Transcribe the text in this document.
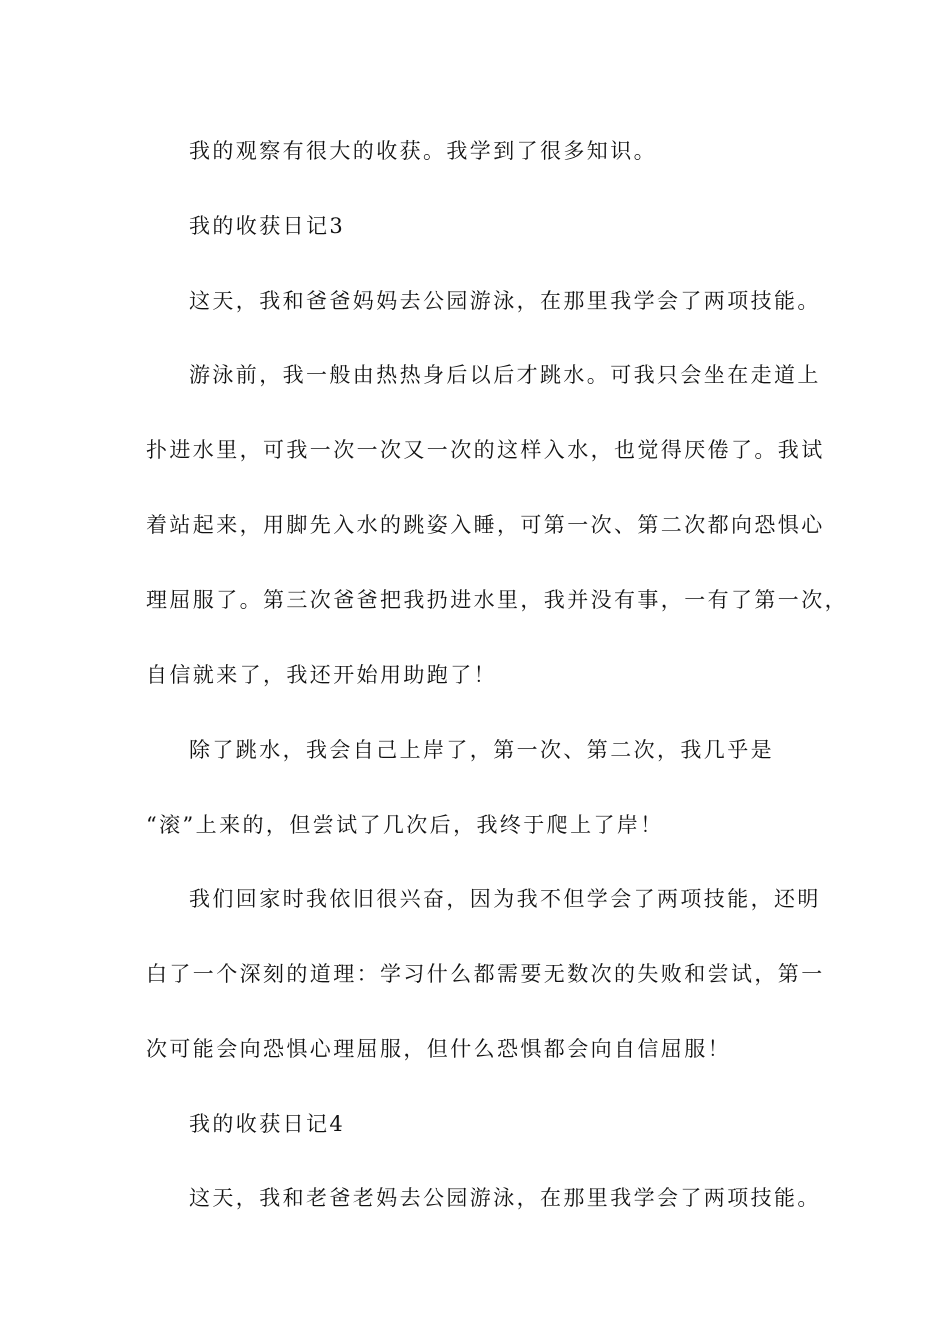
我的观察有很大的收获。我学到了很多知识。
我的收获日记3
这天，我和爸爸妈妈去公园游泳，在那里我学会了两项技能。
游泳前，我一般由热热身后以后才跳水。可我只会坐在走道上
扑进水里，可我一次一次又一次的这样入水，也觉得厌倦了。我试
着站起来，用脚先入水的跳姿入睡，可第一次、第二次都向恐惧心
理屈服了。第三次爸爸把我扔进水里，我并没有事，一有了第一次，
自信就来了，我还开始用助跑了！
除了跳水，我会自己上岸了，第一次、第二次，我几乎是
“滚”上来的，但尝试了几次后，我终于爬上了岸！
我们回家时我依旧很兴奋，因为我不但学会了两项技能，还明
白了一个深刻的道理：学习什么都需要无数次的失败和尝试，第一
次可能会向恐惧心理屈服，但什么恐惧都会向自信屈服！
我的收获日记4
这天，我和老爸老妈去公园游泳，在那里我学会了两项技能。
